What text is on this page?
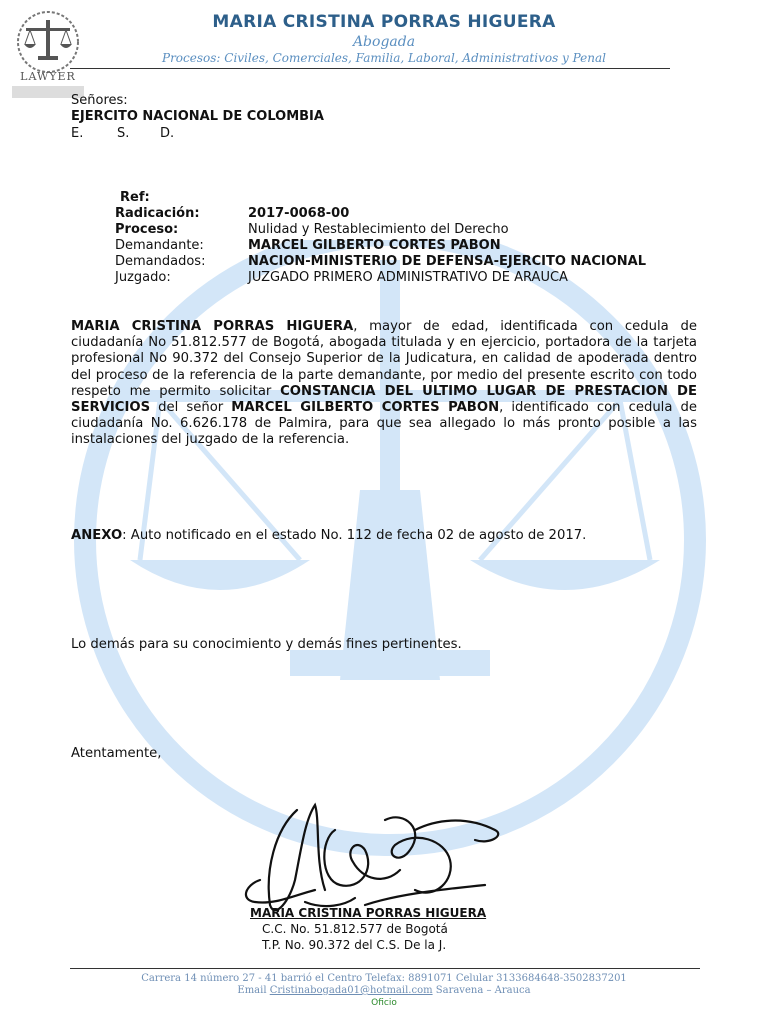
LAWYER
MARIA CRISTINA PORRAS HIGUERA
Abogada
Procesos: Civiles, Comerciales, Familia, Laboral, Administrativos y Penal
Señores:
EJERCITO NACIONAL DE COLOMBIA
E.	S. D.
Ref:
Radicación:	2017-0068-00
Proceso:	Nulidad y Restablecimiento del Derecho
Demandante:	MARCEL GILBERTO CORTES PABON
Demandados:	NACION-MINISTERIO DE DEFENSA-EJERCITO NACIONAL
Juzgado:	JUZGADO PRIMERO ADMINISTRATIVO DE ARAUCA
MARIA CRISTINA PORRAS HIGUERA, mayor de edad, identificada con cedula de ciudadanía No 51.812.577 de Bogotá, abogada titulada y en ejercicio, portadora de la tarjeta profesional No 90.372 del Consejo Superior de la Judicatura, en calidad de apoderada dentro del proceso de la referencia de la parte demandante, por medio del presente escrito con todo respeto me permito solicitar CONSTANCIA DEL ULTIMO LUGAR DE PRESTACION DE SERVICIOS del señor MARCEL GILBERTO CORTES PABON, identificado con cedula de ciudadanía No. 6.626.178 de Palmira, para que sea allegado lo más pronto posible a las instalaciones del juzgado de la referencia.
ANEXO: Auto notificado en el estado No. 112 de fecha 02 de agosto de 2017.
Lo demás para su conocimiento y demás fines pertinentes.
Atentamente,
MARIA CRISTINA PORRAS HIGUERA
C.C. No. 51.812.577 de Bogotá
T.P. No. 90.372 del C.S. De la J.
Carrera 14 número 27 - 41 barrió el Centro Telefax: 8891071 Celular 3133684648-3502837201
Email Cristinabogada01@hotmail.com Saravena – Arauca
Oficio
